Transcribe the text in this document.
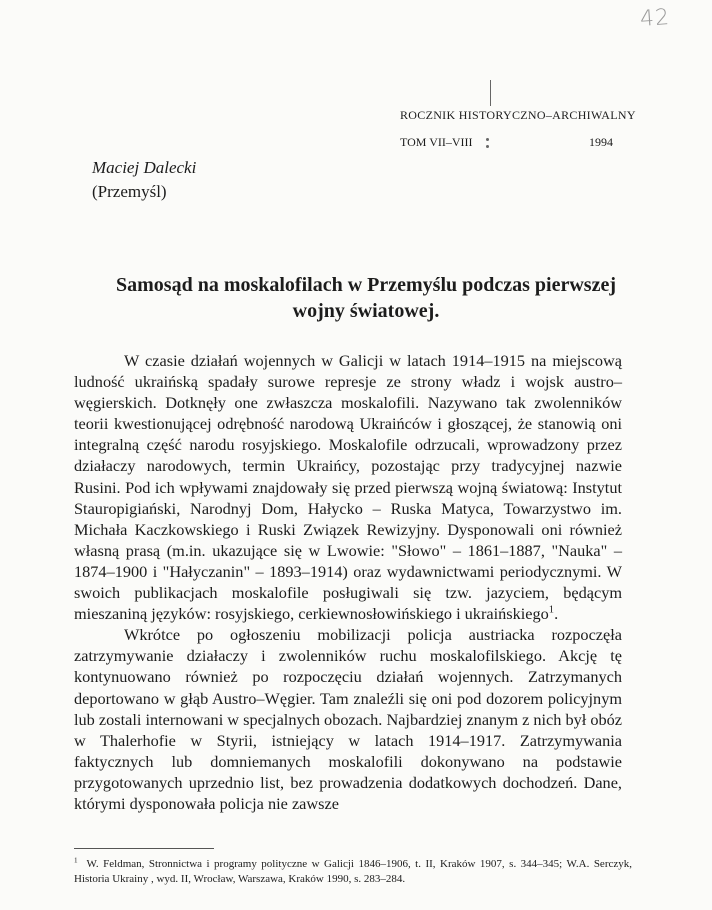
42
ROCZNIK HISTORYCZNO–ARCHIWALNY
TOM VII–VIII	1994
Maciej Dalecki
(Przemyśl)
Samosąd na moskalofilach w Przemyślu podczas pierwszej wojny światowej.

W czasie działań wojennych w Galicji w latach 1914–1915 na miejscową ludność ukraińską spadały surowe represje ze strony władz i wojsk austro–węgierskich. Dotknęły one zwłaszcza moskalofili. Nazywano tak zwolenników teorii kwestionującej odrębność narodową Ukraińców i głoszącej, że stanowią oni integralną część narodu rosyjskiego. Moskalofile odrzucali, wprowadzony przez działaczy narodowych, termin Ukraińcy, pozostając przy tradycyjnej nazwie Rusini. Pod ich wpływami znajdowały się przed pierwszą wojną światową: Instytut Stauropigiański, Narodnyj Dom, Hałycko – Ruska Matyca, Towarzystwo im. Michała Kaczkowskiego i Ruski Związek Rewizyjny. Dysponowali oni również własną prasą (m.in. ukazujące się w Lwowie: "Słowo" – 1861–1887, "Nauka" – 1874–1900 i "Hałyczanin" – 1893–1914) oraz wydawnictwami periodycznymi. W swoich publikacjach moskalofile posługiwali się tzw. jazyciem, będącym mieszaniną języków: rosyjskiego, cerkiewnosłowińskiego i ukraińskiego$^1$.

Wkrótce po ogłoszeniu mobilizacji policja austriacka rozpoczęła zatrzymywanie działaczy i zwolenników ruchu moskalofilskiego. Akcję tę kontynuowano również po rozpoczęciu działań wojennych. Zatrzymanych deportowano w głąb Austro–Węgier. Tam znaleźli się oni pod dozorem policyjnym lub zostali internowani w specjalnych obozach. Najbardziej znanym z nich był obóz w Thalerhofie w Styrii, istniejący w latach 1914–1917. Zatrzymywania faktycznych lub domniemanych moskalofili dokonywano na podstawie przygotowanych uprzednio list, bez prowadzenia dodatkowych dochodzeń. Dane, którymi dysponowała policja nie zawsze

$^1$ W. Feldman, Stronnictwa i programy polityczne w Galicji 1846–1906, t. II, Kraków 1907, s. 344–345; W.A. Serczyk, Historia Ukrainy , wyd. II, Wrocław, Warszawa, Kraków 1990, s. 283–284.
